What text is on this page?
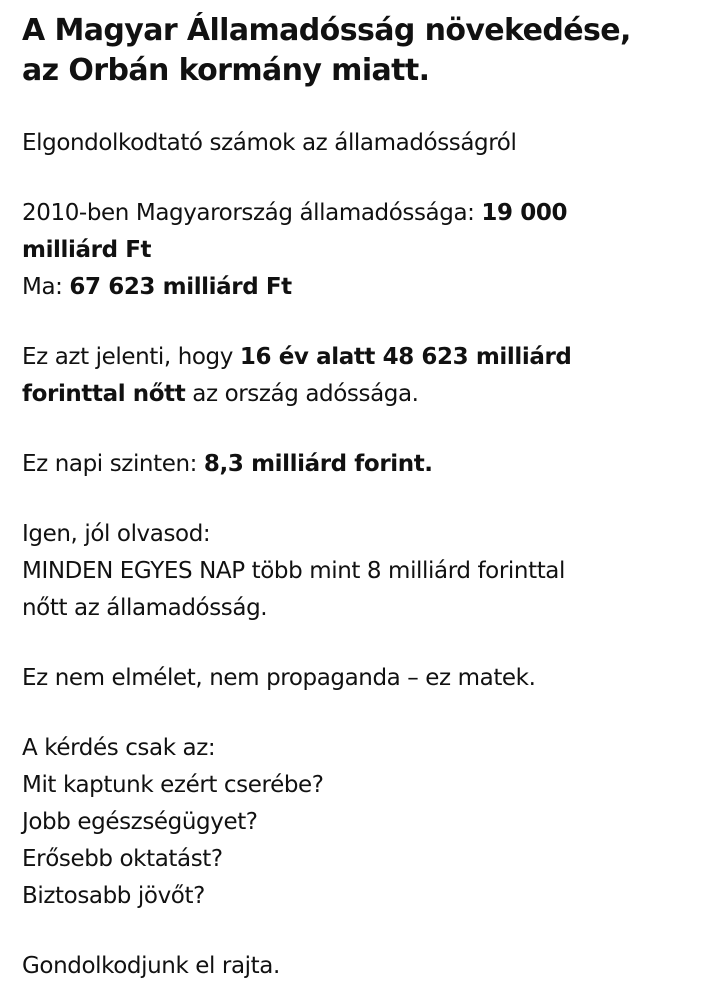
A Magyar Államadósság növekedése,
az Orbán kormány miatt.

Elgondolkodtató számok az államadósságról

2010-ben Magyarország államadóssága: 19 000
milliárd Ft
Ma: 67 623 milliárd Ft

Ez azt jelenti, hogy 16 év alatt 48 623 milliárd
forinttal nőtt az ország adóssága.

Ez napi szinten: 8,3 milliárd forint.

Igen, jól olvasod:
MINDEN EGYES NAP több mint 8 milliárd forinttal
nőtt az államadósság.

Ez nem elmélet, nem propaganda – ez matek.

A kérdés csak az:
Mit kaptunk ezért cserébe?
Jobb egészségügyet?
Erősebb oktatást?
Biztosabb jövőt?

Gondolkodjunk el rajta.
